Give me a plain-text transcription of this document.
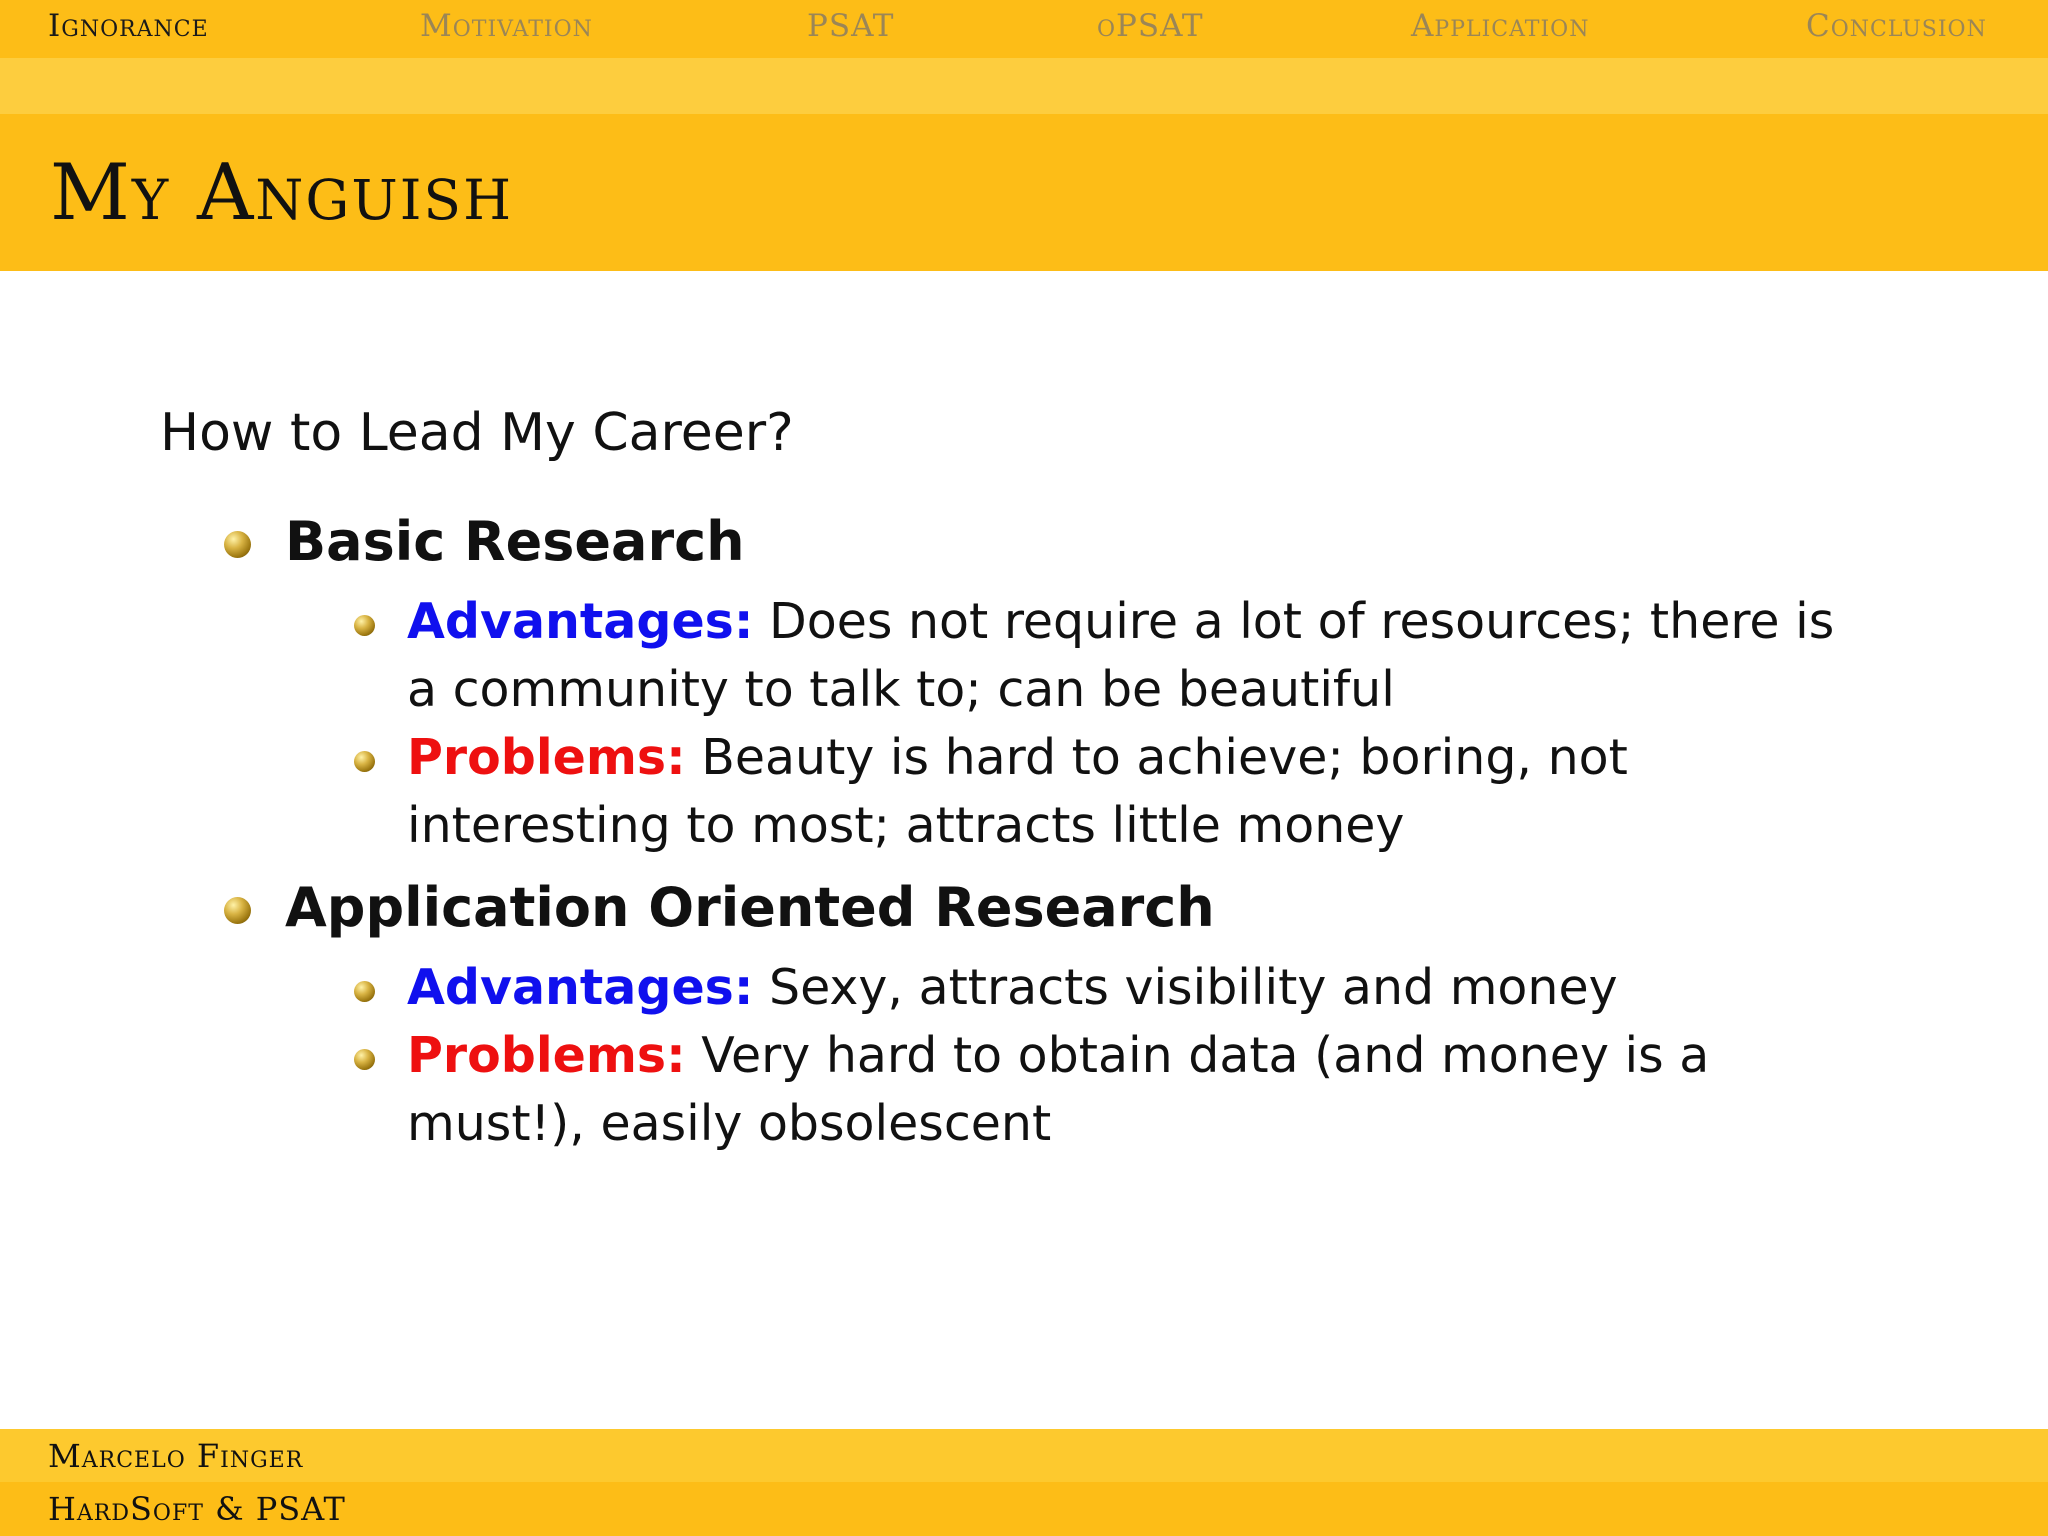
Ignorance	Motivation	PSAT	oPSAT	Application	Conclusion
My Anguish
How to Lead My Career?
Basic Research
Advantages: Does not require a lot of resources; there is a community to talk to; can be beautiful
Problems: Beauty is hard to achieve; boring, not interesting to most; attracts little money
Application Oriented Research
Advantages: Sexy, attracts visibility and money
Problems: Very hard to obtain data (and money is a must!), easily obsolescent
Marcelo Finger
HardSoft & PSAT
